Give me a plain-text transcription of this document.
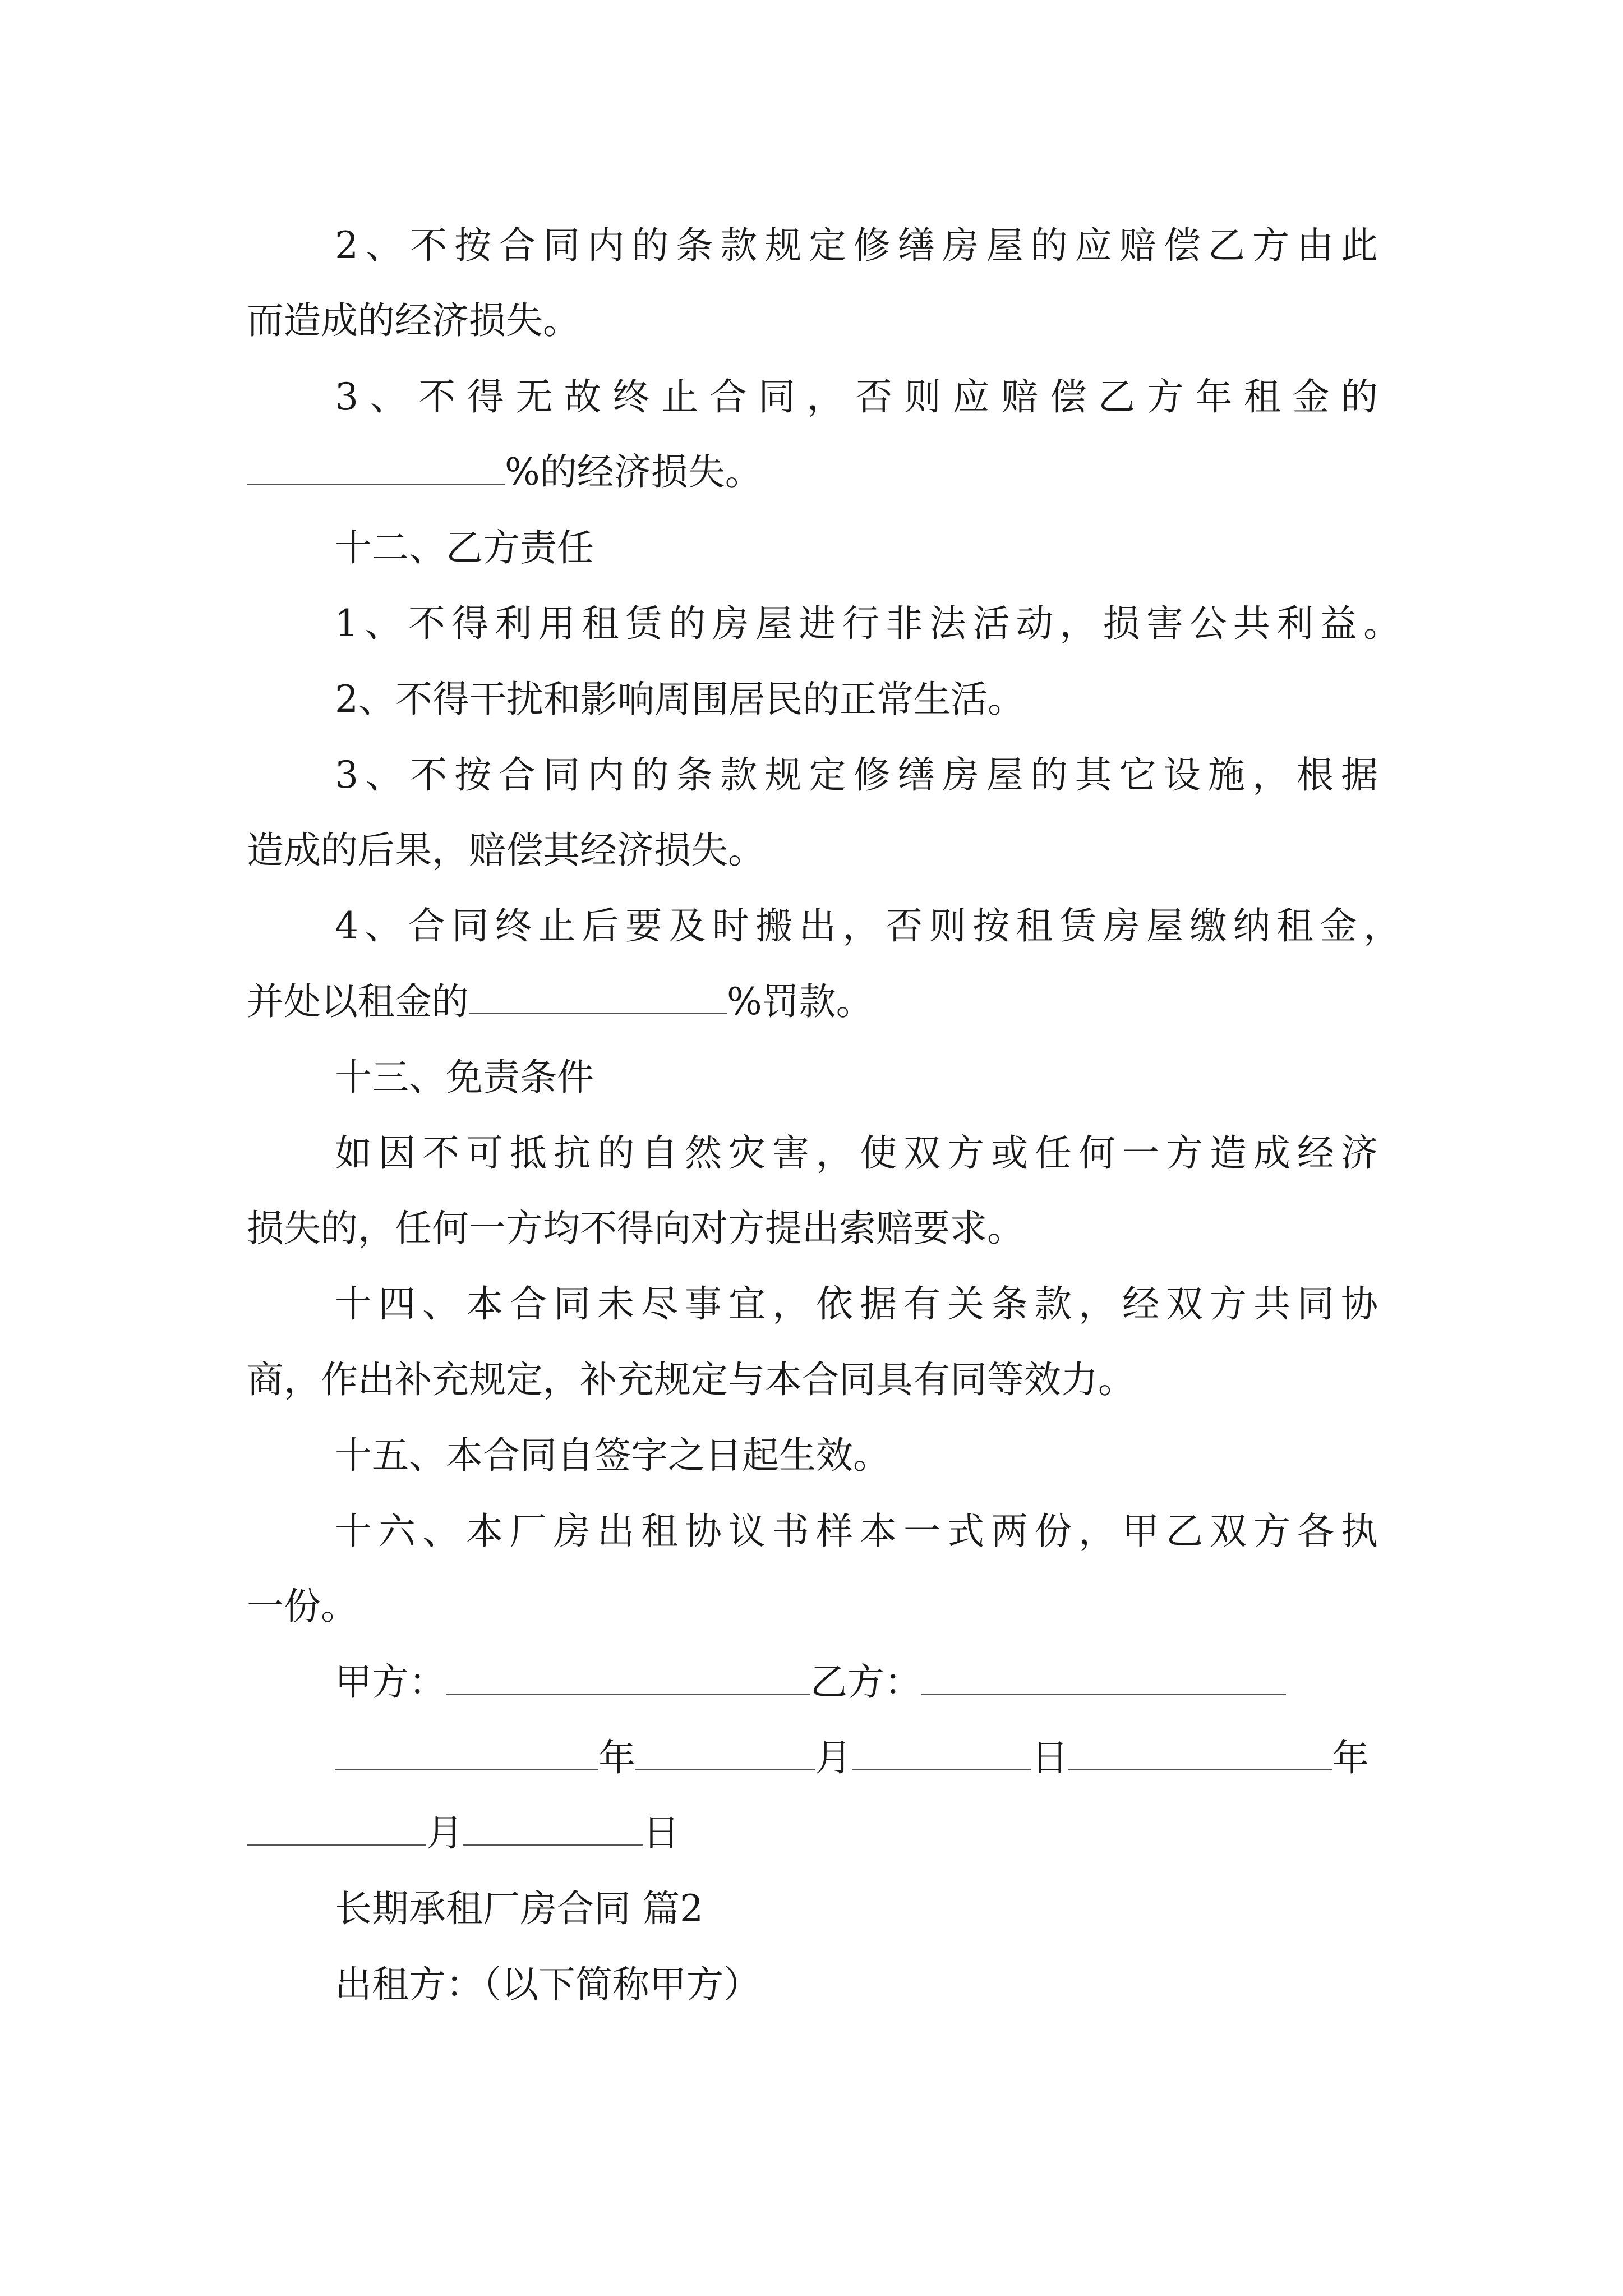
2、不按合同内的条款规定修缮房屋的应赔偿乙方由此
而造成的经济损失。
3、不得无故终止合同，否则应赔偿乙方年租金的
%的经济损失。
十二、乙方责任
1、不得利用租赁的房屋进行非法活动，损害公共利益。
2、不得干扰和影响周围居民的正常生活。
3、不按合同内的条款规定修缮房屋的其它设施，根据
造成的后果，赔偿其经济损失。
4、合同终止后要及时搬出，否则按租赁房屋缴纳租金，
并处以租金的	%罚款。
十三、免责条件
如因不可抵抗的自然灾害，使双方或任何一方造成经济
损失的，任何一方均不得向对方提出索赔要求。
十四、本合同未尽事宜，依据有关条款，经双方共同协
商，作出补充规定，补充规定与本合同具有同等效力。
十五、本合同自签字之日起生效。
十六、本厂房出租协议书样本一式两份，甲乙双方各执
一份。
甲方：	乙方：
年	月	日	年
月	日
长期承租厂房合同 篇2
出租方：（以下简称甲方）
